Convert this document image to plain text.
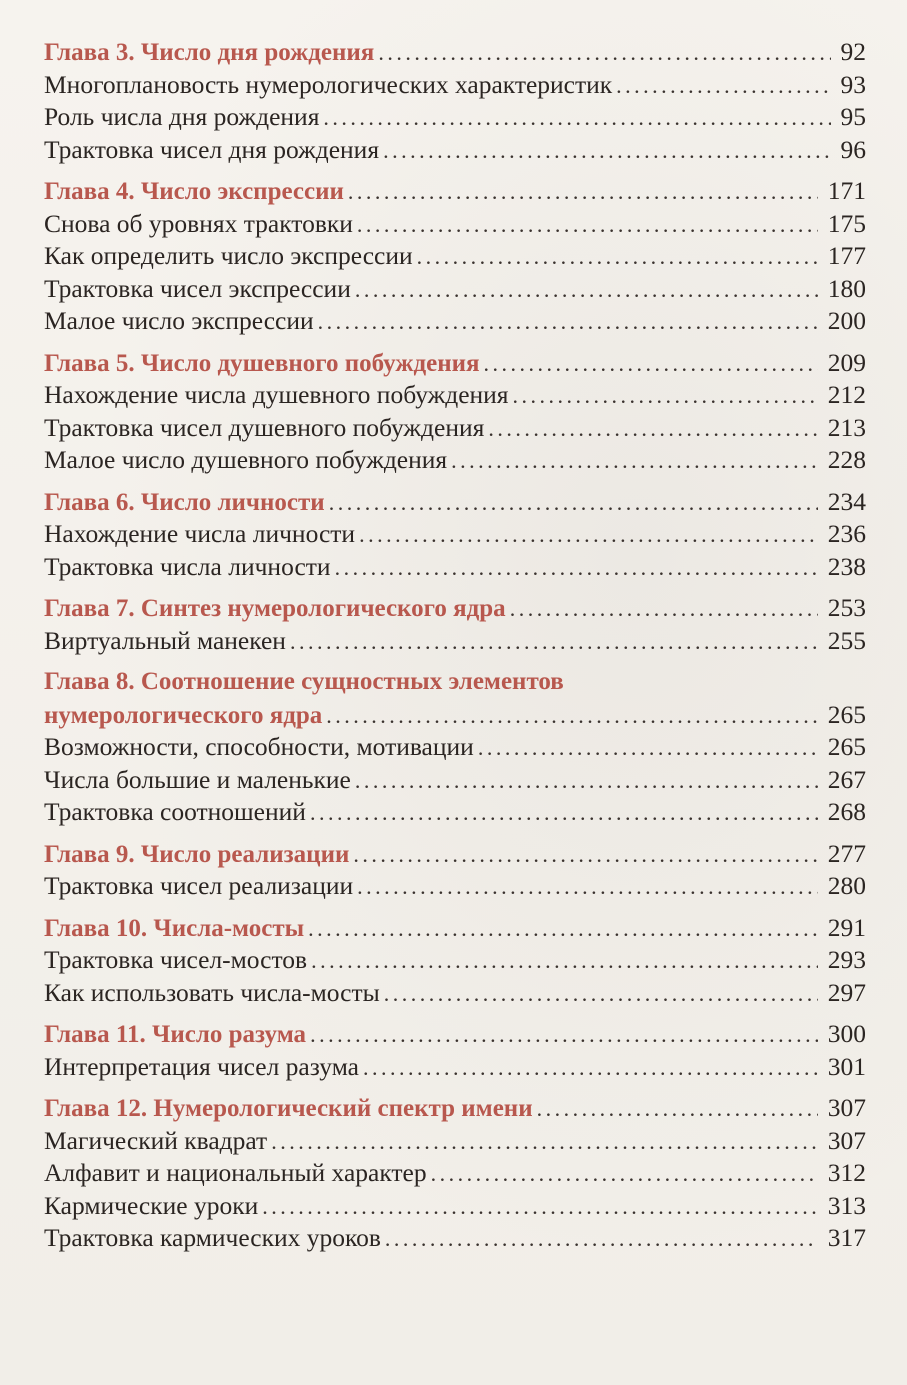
Глава 3. Число дня рождения . . .	92
Многоплановость нумерологических характеристик . . .	93
Роль числа дня рождения . . .	95
Трактовка чисел дня рождения . . .	96
Глава 4. Число экспрессии . . .	171
Снова об уровнях трактовки . . .	175
Как определить число экспрессии . . .	177
Трактовка чисел экспрессии . . .	180
Малое число экспрессии . . .	200
Глава 5. Число душевного побуждения . . .	209
Нахождение числа душевного побуждения . . .	212
Трактовка чисел душевного побуждения . . .	213
Малое число душевного побуждения . . .	228
Глава 6. Число личности . . .	234
Нахождение числа личности . . .	236
Трактовка числа личности . . .	238
Глава 7. Синтез нумерологического ядра . . .	253
Виртуальный манекен . . .	255
Глава 8. Соотношение сущностных элементов
нумерологического ядра . . .	265
Возможности, способности, мотивации . . .	265
Числа большие и маленькие . . .	267
Трактовка соотношений . . .	268
Глава 9. Число реализации . . .	277
Трактовка чисел реализации . . .	280
Глава 10. Числа-мосты . . .	291
Трактовка чисел-мостов . . .	293
Как использовать числа-мосты . . .	297
Глава 11. Число разума . . .	300
Интерпретация чисел разума . . .	301
Глава 12. Нумерологический спектр имени . . .	307
Магический квадрат . . .	307
Алфавит и национальный характер . . .	312
Кармические уроки . . .	313
Трактовка кармических уроков . . .	317
